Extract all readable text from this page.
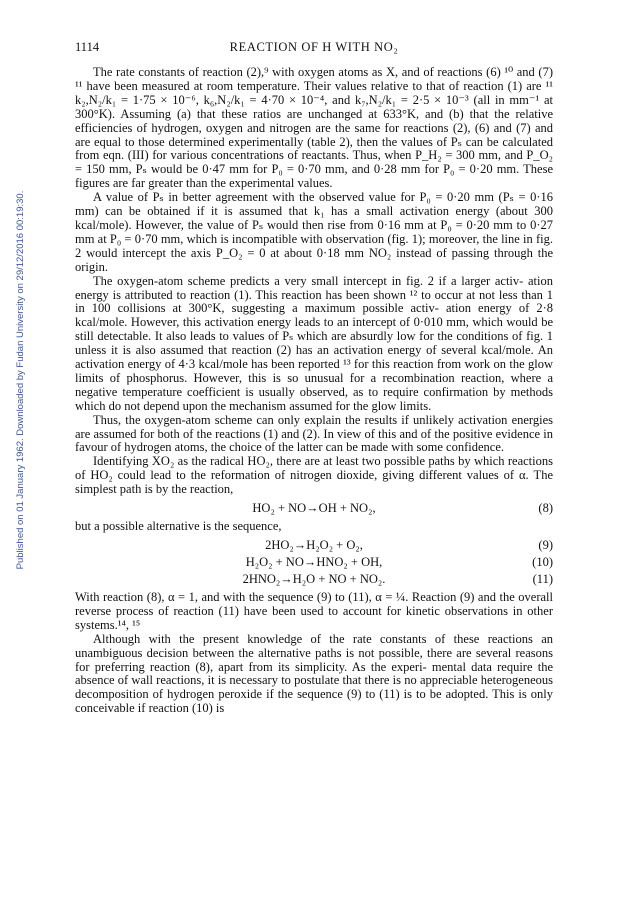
Published on 01 January 1962. Downloaded by Fudan University on 29/12/2016 00:19:30.
1114	REACTION OF H WITH NO₂

The rate constants of reaction (2),⁹ with oxygen atoms as X, and of reactions (6) ¹⁰ and (7) ¹¹ have been measured at room temperature. Their values relative to that of reaction (1) are ¹¹ k₂,N₂/k₁ = 1·75 × 10⁻⁶, k₆,N₂/k₁ = 4·70 × 10⁻⁴, and k₇,N₂/k₁ = 2·5 × 10⁻³ (all in mm⁻¹ at 300°K). Assuming (a) that these ratios are unchanged at 633°K, and (b) that the relative efficiencies of hydrogen, oxygen and nitrogen are the same for reactions (2), (6) and (7) and are equal to those determined experimentally (table 2), then the values of Pₛ can be calculated from eqn. (III) for various concentrations of reactants. Thus, when P_H₂ = 300 mm, and P_O₂ = 150 mm, Pₛ would be 0·47 mm for P₀ = 0·70 mm, and 0·28 mm for P₀ = 0·20 mm. These figures are far greater than the experimental values.

A value of Pₛ in better agreement with the observed value for P₀ = 0·20 mm (Pₛ = 0·16 mm) can be obtained if it is assumed that k₁ has a small activation energy (about 300 kcal/mole). However, the value of Pₛ would then rise from 0·16 mm at P₀ = 0·20 mm to 0·27 mm at P₀ = 0·70 mm, which is incompatible with observation (fig. 1); moreover, the line in fig. 2 would intercept the axis P_O₂ = 0 at about 0·18 mm NO₂ instead of passing through the origin.

The oxygen-atom scheme predicts a very small intercept in fig. 2 if a larger activ- ation energy is attributed to reaction (1). This reaction has been shown ¹² to occur at not less than 1 in 100 collisions at 300°K, suggesting a maximum possible activ- ation energy of 2·8 kcal/mole. However, this activation energy leads to an intercept of 0·010 mm, which would be still detectable. It also leads to values of Pₛ which are absurdly low for the conditions of fig. 1 unless it is also assumed that reaction (2) has an activation energy of several kcal/mole. An activation energy of 4·3 kcal/mole has been reported ¹³ for this reaction from work on the glow limits of phosphorus. However, this is so unusual for a recombination reaction, where a negative temperature coefficient is usually observed, as to require confirmation by methods which do not depend upon the mechanism assumed for the glow limits.

Thus, the oxygen-atom scheme can only explain the results if unlikely activation energies are assumed for both of the reactions (1) and (2). In view of this and of the positive evidence in favour of hydrogen atoms, the choice of the latter can be made with some confidence.

Identifying XO₂ as the radical HO₂, there are at least two possible paths by which reactions of HO₂ could lead to the reformation of nitrogen dioxide, giving different values of α. The simplest path is by the reaction,

HO₂ + NO→OH + NO₂,	(8)

but a possible alternative is the sequence,

2HO₂→H₂O₂ + O₂,	(9)
H₂O₂ + NO→HNO₂ + OH,	(10)
2HNO₂→H₂O + NO + NO₂.	(11)

With reaction (8), α = 1, and with the sequence (9) to (11), α = ¼. Reaction (9) and the overall reverse process of reaction (11) have been used to account for kinetic observations in other systems.¹⁴, ¹⁵

Although with the present knowledge of the rate constants of these reactions an unambiguous decision between the alternative paths is not possible, there are several reasons for preferring reaction (8), apart from its simplicity. As the experi- mental data require the absence of wall reactions, it is necessary to postulate that there is no appreciable heterogeneous decomposition of hydrogen peroxide if the sequence (9) to (11) is to be adopted. This is only conceivable if reaction (10) is
